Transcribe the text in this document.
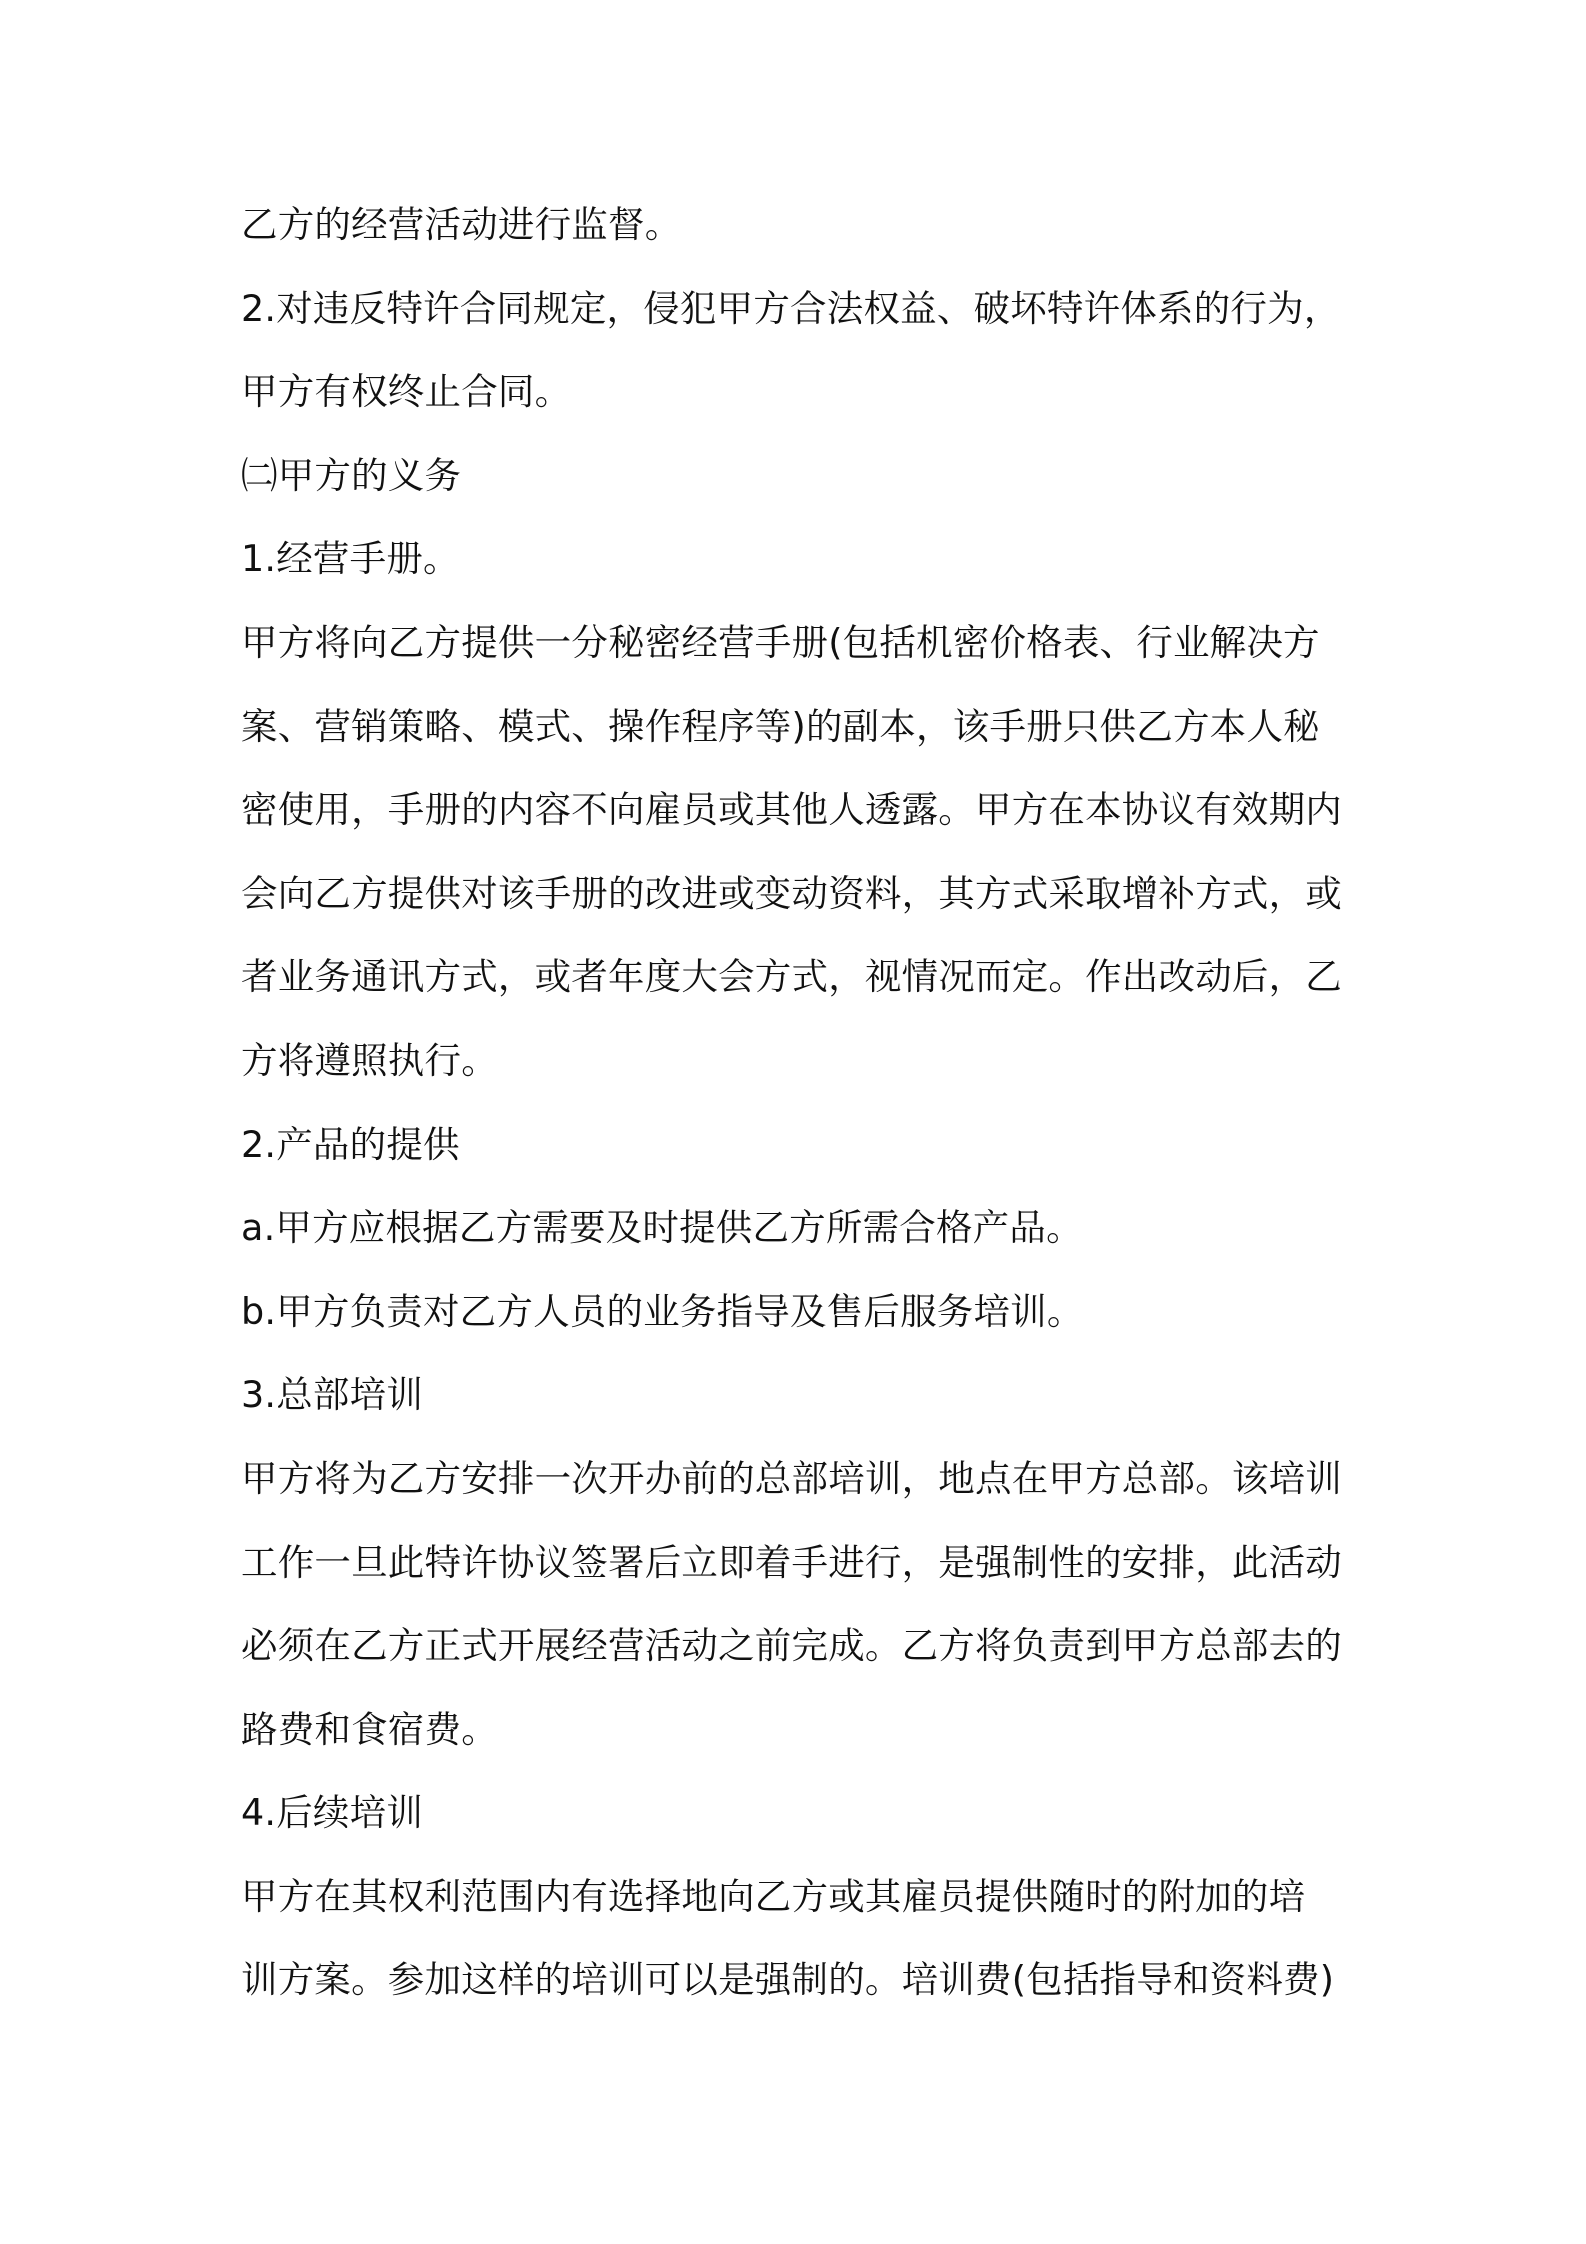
乙方的经营活动进行监督。
2.对违反特许合同规定，侵犯甲方合法权益、破坏特许体系的行为，
甲方有权终止合同。
㈡甲方的义务
1.经营手册。
甲方将向乙方提供一分秘密经营手册(包括机密价格表、行业解决方
案、营销策略、模式、操作程序等)的副本，该手册只供乙方本人秘
密使用，手册的内容不向雇员或其他人透露。甲方在本协议有效期内
会向乙方提供对该手册的改进或变动资料，其方式采取增补方式，或
者业务通讯方式，或者年度大会方式，视情况而定。作出改动后，乙
方将遵照执行。
2.产品的提供
a.甲方应根据乙方需要及时提供乙方所需合格产品。
b.甲方负责对乙方人员的业务指导及售后服务培训。
3.总部培训
甲方将为乙方安排一次开办前的总部培训，地点在甲方总部。该培训
工作一旦此特许协议签署后立即着手进行，是强制性的安排，此活动
必须在乙方正式开展经营活动之前完成。乙方将负责到甲方总部去的
路费和食宿费。
4.后续培训
甲方在其权利范围内有选择地向乙方或其雇员提供随时的附加的培
训方案。参加这样的培训可以是强制的。培训费(包括指导和资料费)
